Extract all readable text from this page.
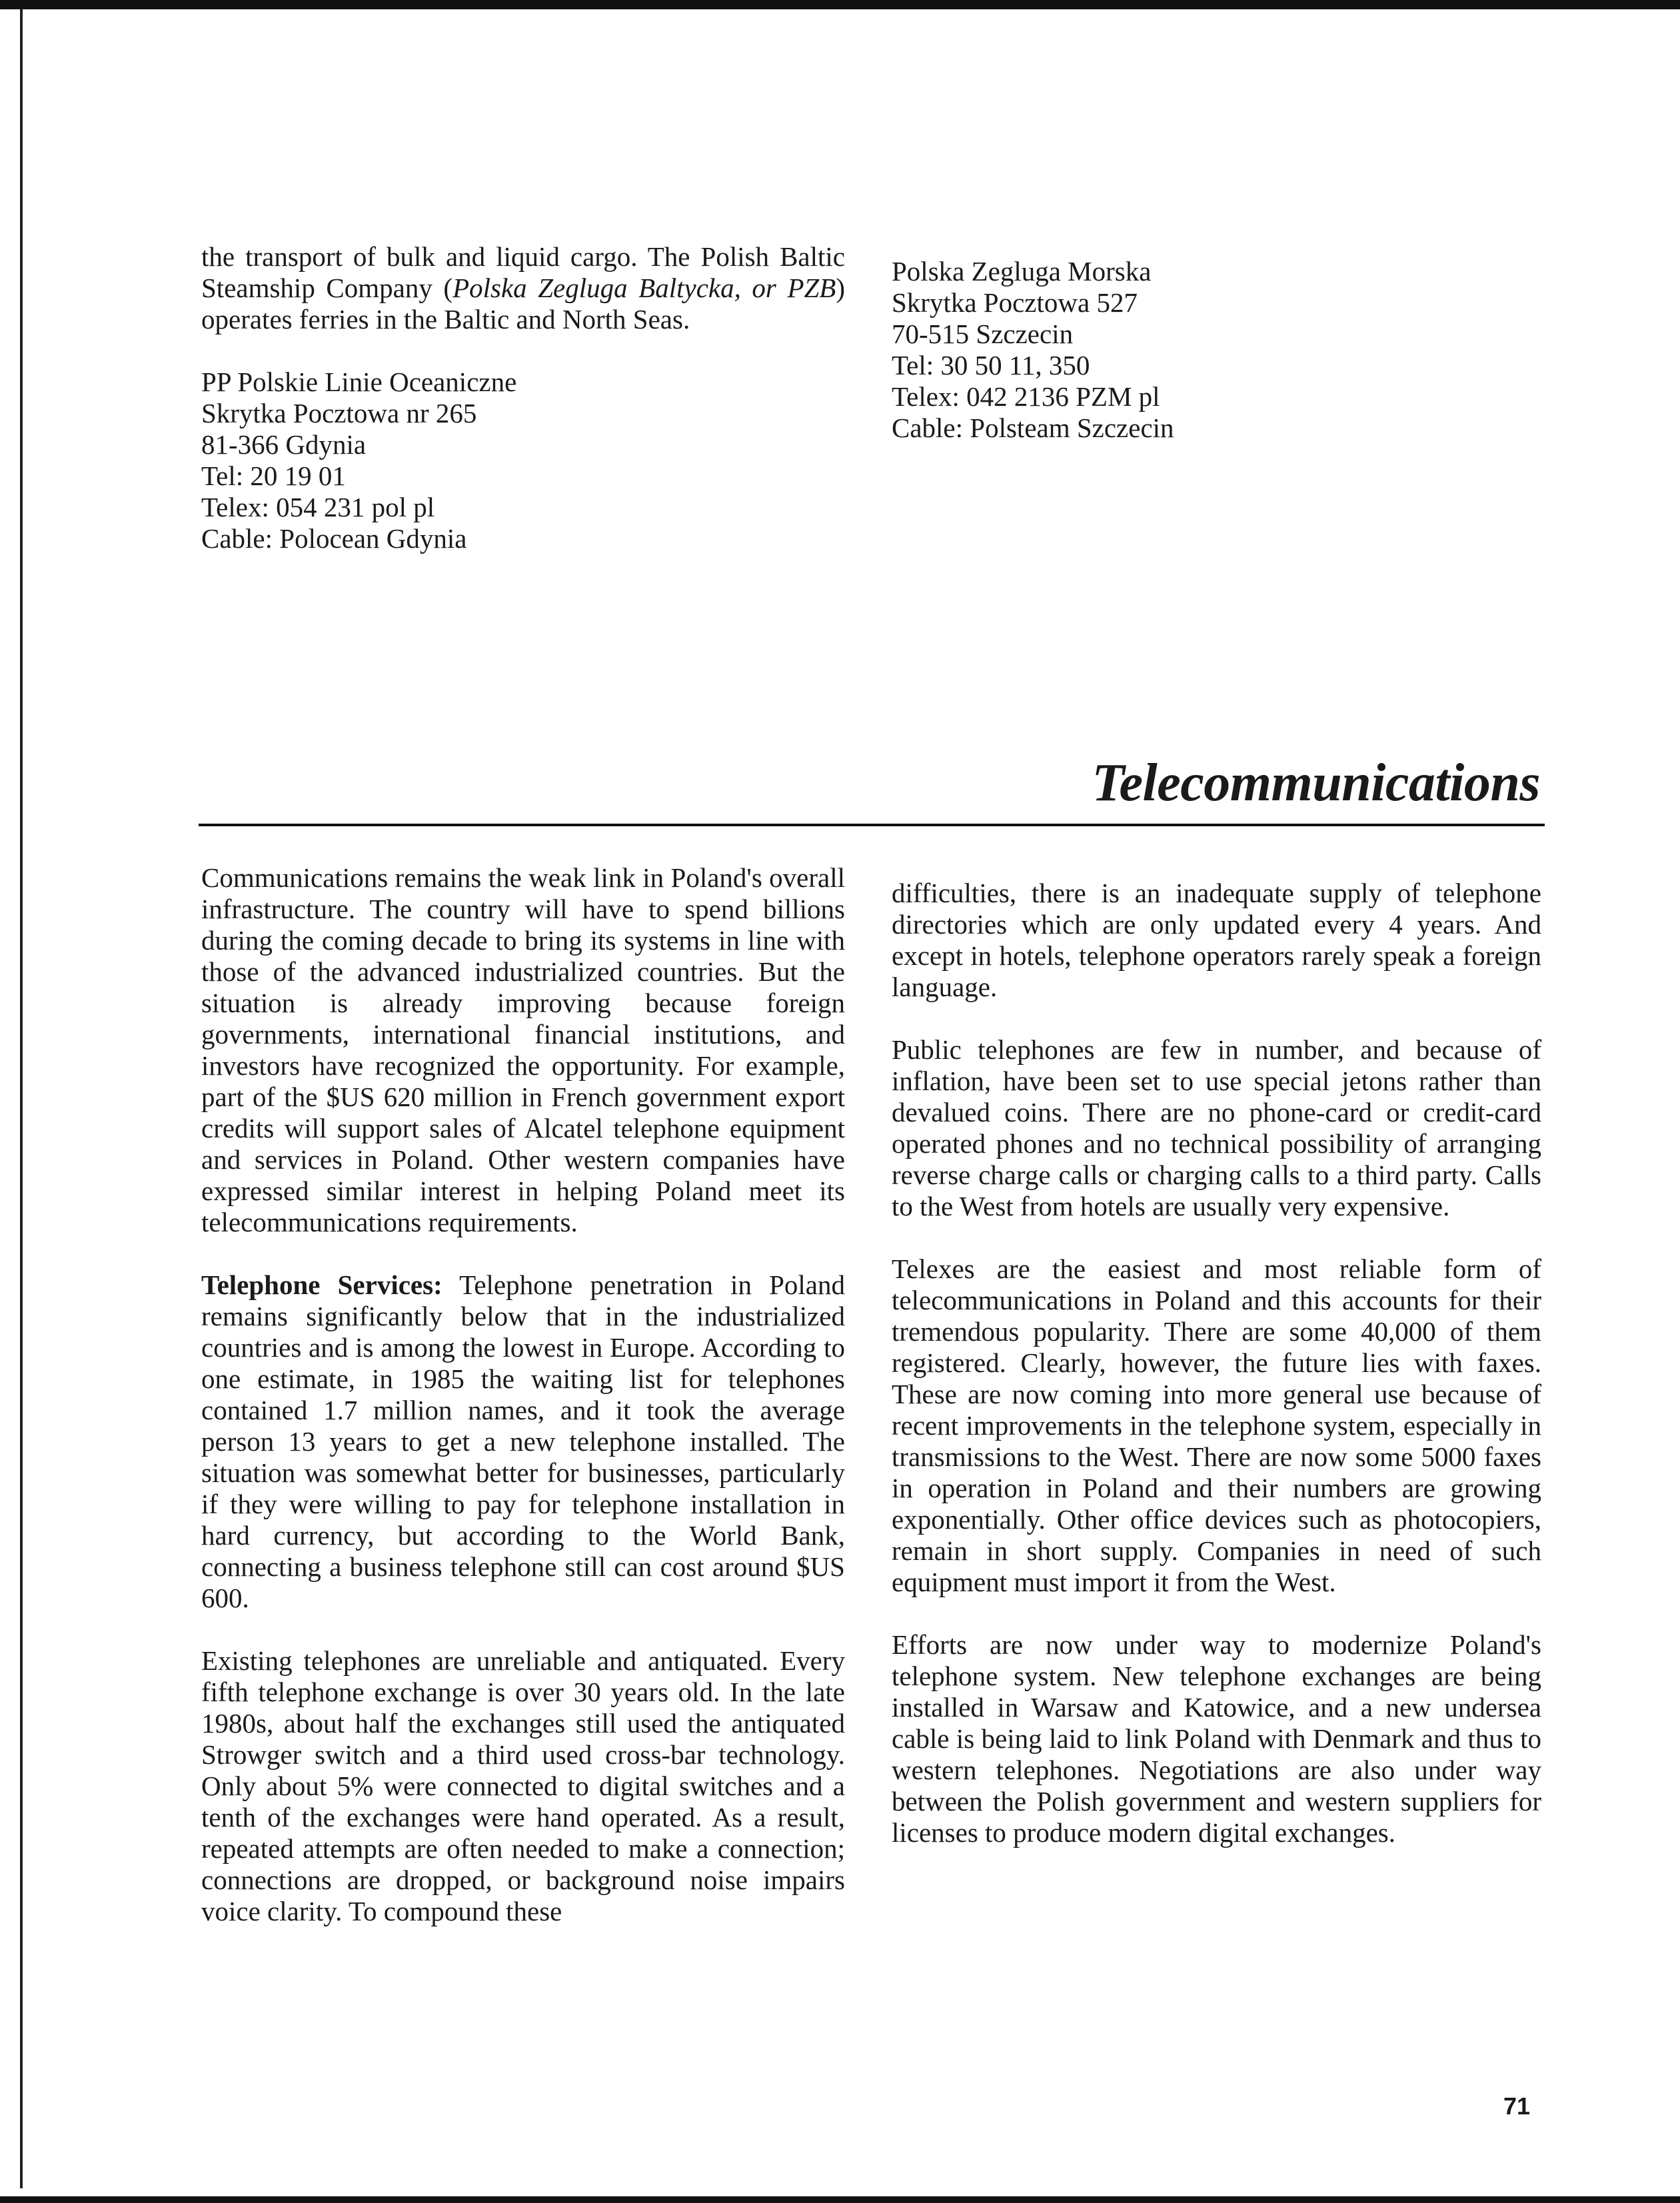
the transport of bulk and liquid cargo. The Polish Baltic Steamship Company (Polska Zegluga Baltycka, or PZB) operates ferries in the Baltic and North Seas.

PP Polskie Linie Oceaniczne
Skrytka Pocztowa nr 265
81-366 Gdynia
Tel: 20 19 01
Telex: 054 231 pol pl
Cable: Polocean Gdynia
Polska Zegluga Morska
Skrytka Pocztowa 527
70-515 Szczecin
Tel: 30 50 11, 350
Telex: 042 2136 PZM pl
Cable: Polsteam Szczecin
Telecommunications

Communications remains the weak link in Poland's overall infrastructure. The country will have to spend billions during the coming decade to bring its systems in line with those of the advanced industrialized countries. But the situation is already improving because foreign governments, international financial institutions, and investors have recognized the opportunity. For example, part of the $US 620 million in French government export credits will support sales of Alcatel telephone equipment and services in Poland. Other western companies have expressed similar interest in helping Poland meet its telecommunications requirements.

Telephone Services: Telephone penetration in Poland remains significantly below that in the industrialized countries and is among the lowest in Europe. According to one estimate, in 1985 the waiting list for telephones contained 1.7 million names, and it took the average person 13 years to get a new telephone installed. The situation was somewhat better for businesses, particularly if they were willing to pay for telephone installation in hard currency, but according to the World Bank, connecting a business telephone still can cost around $US 600.

Existing telephones are unreliable and antiquated. Every fifth telephone exchange is over 30 years old. In the late 1980s, about half the exchanges still used the antiquated Strowger switch and a third used cross-bar technology. Only about 5% were connected to digital switches and a tenth of the exchanges were hand operated. As a result, repeated attempts are often needed to make a connection; connections are dropped, or background noise impairs voice clarity. To compound these

difficulties, there is an inadequate supply of telephone directories which are only updated every 4 years. And except in hotels, telephone operators rarely speak a foreign language.

Public telephones are few in number, and because of inflation, have been set to use special jetons rather than devalued coins. There are no phone-card or credit-card operated phones and no technical possibility of arranging reverse charge calls or charging calls to a third party. Calls to the West from hotels are usually very expensive.

Telexes are the easiest and most reliable form of telecommunications in Poland and this accounts for their tremendous popularity. There are some 40,000 of them registered. Clearly, however, the future lies with faxes. These are now coming into more general use because of recent improvements in the telephone system, especially in transmissions to the West. There are now some 5000 faxes in operation in Poland and their numbers are growing exponentially. Other office devices such as photocopiers, remain in short supply. Companies in need of such equipment must import it from the West.

Efforts are now under way to modernize Poland's telephone system. New telephone exchanges are being installed in Warsaw and Katowice, and a new undersea cable is being laid to link Poland with Denmark and thus to western telephones. Negotiations are also under way between the Polish government and western suppliers for licenses to produce modern digital exchanges.

71
